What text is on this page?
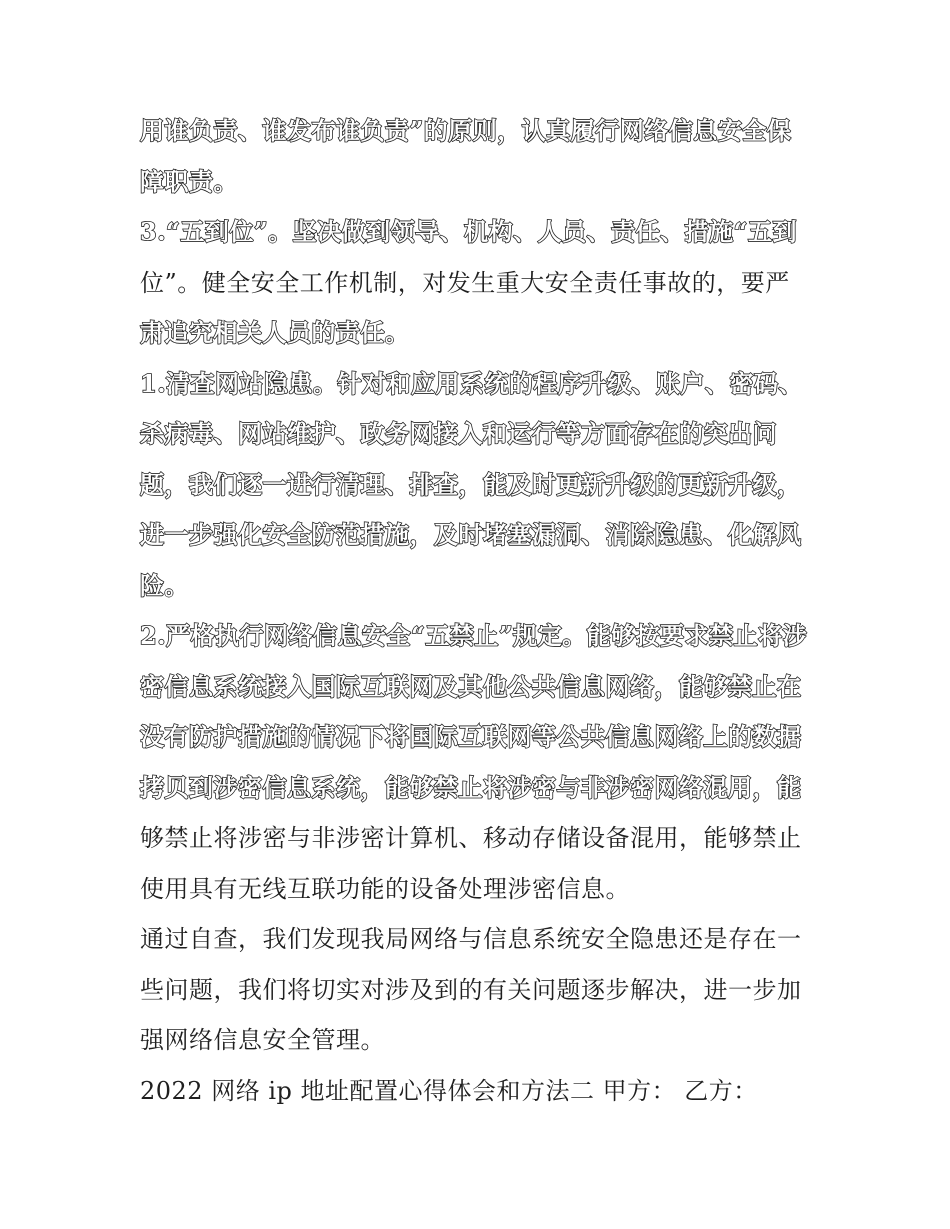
用谁负责、谁发布谁负责”的原则，认真履行网络信息安全保
障职责。

3.“五到位”。坚决做到领导、机构、人员、责任、措施“五到
位”。健全安全工作机制，对发生重大安全责任事故的，要严
肃追究相关人员的责任。

1.清查网站隐患。针对和应用系统的程序升级、账户、密码、
杀病毒、网站维护、政务网接入和运行等方面存在的突出问
题，我们逐一进行清理、排查，能及时更新升级的更新升级，
进一步强化安全防范措施，及时堵塞漏洞、消除隐患、化解风
险。

2.严格执行网络信息安全“五禁止”规定。能够按要求禁止将涉
密信息系统接入国际互联网及其他公共信息网络，能够禁止在
没有防护措施的情况下将国际互联网等公共信息网络上的数据
拷贝到涉密信息系统，能够禁止将涉密与非涉密网络混用，能
够禁止将涉密与非涉密计算机、移动存储设备混用，能够禁止
使用具有无线互联功能的设备处理涉密信息。

通过自查，我们发现我局网络与信息系统安全隐患还是存在一
些问题，我们将切实对涉及到的有关问题逐步解决，进一步加
强网络信息安全管理。

2022 网络 ip 地址配置心得体会和方法二 甲方： 乙方：
